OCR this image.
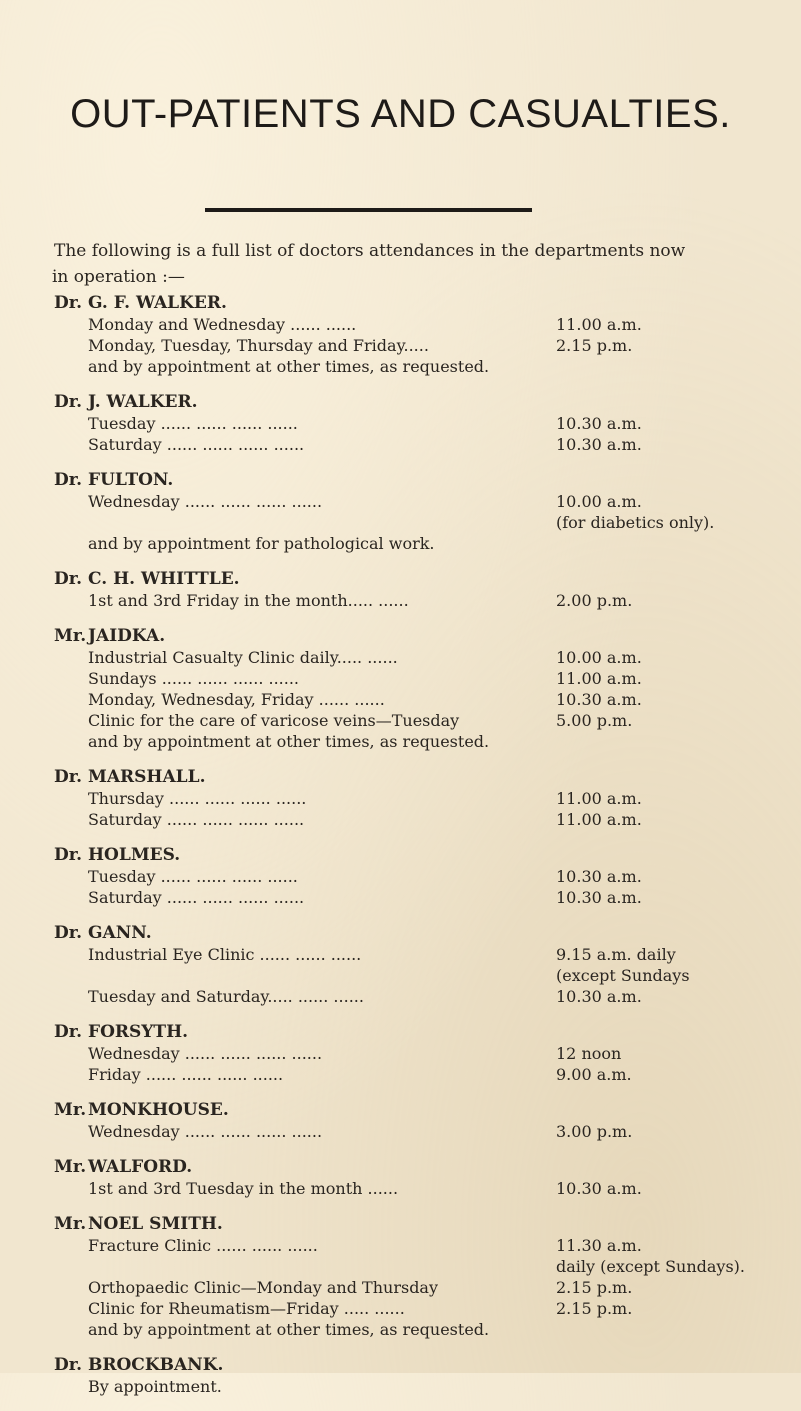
OUT-PATIENTS AND CASUALTIES.
The following is a full list of doctors attendances in the departments now
in operation :—
Dr. G. F. WALKER.
Monday and Wednesday ...... ......	11.00 a.m.
Monday, Tuesday, Thursday and Friday.....	2.15 p.m.
and by appointment at other times, as requested.
Dr. J. WALKER.
Tuesday ...... ...... ...... ......	10.30 a.m.
Saturday ...... ...... ...... ......	10.30 a.m.
Dr. FULTON.
Wednesday ...... ...... ...... ......	10.00 a.m.
(for diabetics only).
and by appointment for pathological work.
Dr. C. H. WHITTLE.
1st and 3rd Friday in the month..... ......	2.00 p.m.
Mr. JAIDKA.
Industrial Casualty Clinic daily..... ......	10.00 a.m.
Sundays ...... ...... ...... ......	11.00 a.m.
Monday, Wednesday, Friday ...... ......	10.30 a.m.
Clinic for the care of varicose veins—Tuesday	5.00 p.m.
and by appointment at other times, as requested.
Dr. MARSHALL.
Thursday ...... ...... ...... ......	11.00 a.m.
Saturday ...... ...... ...... ......	11.00 a.m.
Dr. HOLMES.
Tuesday ...... ...... ...... ......	10.30 a.m.
Saturday ...... ...... ...... ......	10.30 a.m.
Dr. GANN.
Industrial Eye Clinic ...... ...... ......	9.15 a.m. daily
(except Sundays
Tuesday and Saturday..... ...... ......	10.30 a.m.
Dr. FORSYTH.
Wednesday ...... ...... ...... ......	12 noon
Friday ...... ...... ...... ......	9.00 a.m.
Mr. MONKHOUSE.
Wednesday ...... ...... ...... ......	3.00 p.m.
Mr. WALFORD.
1st and 3rd Tuesday in the month ......	10.30 a.m.
Mr. NOEL SMITH.
Fracture Clinic ...... ...... ......	11.30 a.m.
daily (except Sundays).
Orthopaedic Clinic—Monday and Thursday	2.15 p.m.
Clinic for Rheumatism—Friday ..... ......	2.15 p.m.
and by appointment at other times, as requested.
Dr. BROCKBANK.
By appointment.
